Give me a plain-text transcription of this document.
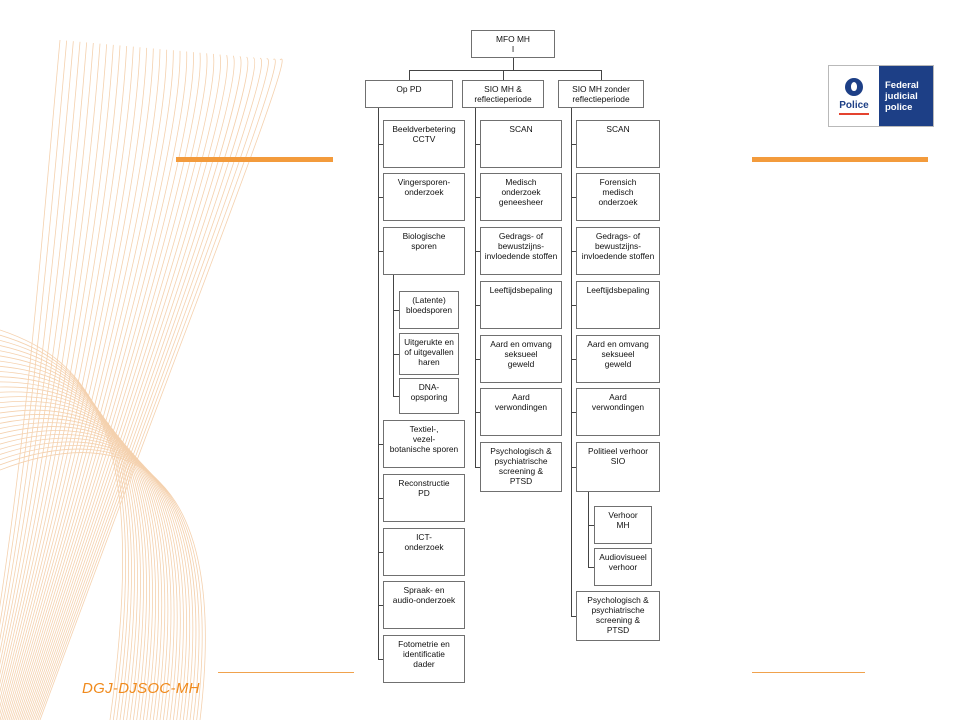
DGJ-DJSOC-MH
Police
Federal
judicial
police
MFO MH
I
Op PD	SIO MH &
reflectieperiode
SIO MH zonder
reflectieperiode
Beeldverbetering
CCTV
Vingersporen-
onderzoek
Biologische
sporen
(Latente)
bloedsporen
Uitgerukte en
of uitgevallen
haren
DNA-
opsporing
Textiel-,
vezel-
botanische sporen
Reconstructie
PD
ICT-
onderzoek
Spraak- en
audio-onderzoek
Fotometrie en
identificatie
dader
SCAN
Medisch
onderzoek
geneesheer
Gedrags- of
bewustzijns-
invloedende stoffen
Leeftijdsbepaling
Aard en omvang
seksueel
geweld
Aard
verwondingen
Psychologisch &
psychiatrische
screening &
PTSD
SCAN
Forensich
medisch
onderzoek
Gedrags- of
bewustzijns-
invloedende stoffen
Leeftijdsbepaling
Aard en omvang
seksueel
geweld
Aard
verwondingen
Politieel verhoor
SIO
Verhoor
MH
Audiovisueel
verhoor
Psychologisch &
psychiatrische
screening &
PTSD
